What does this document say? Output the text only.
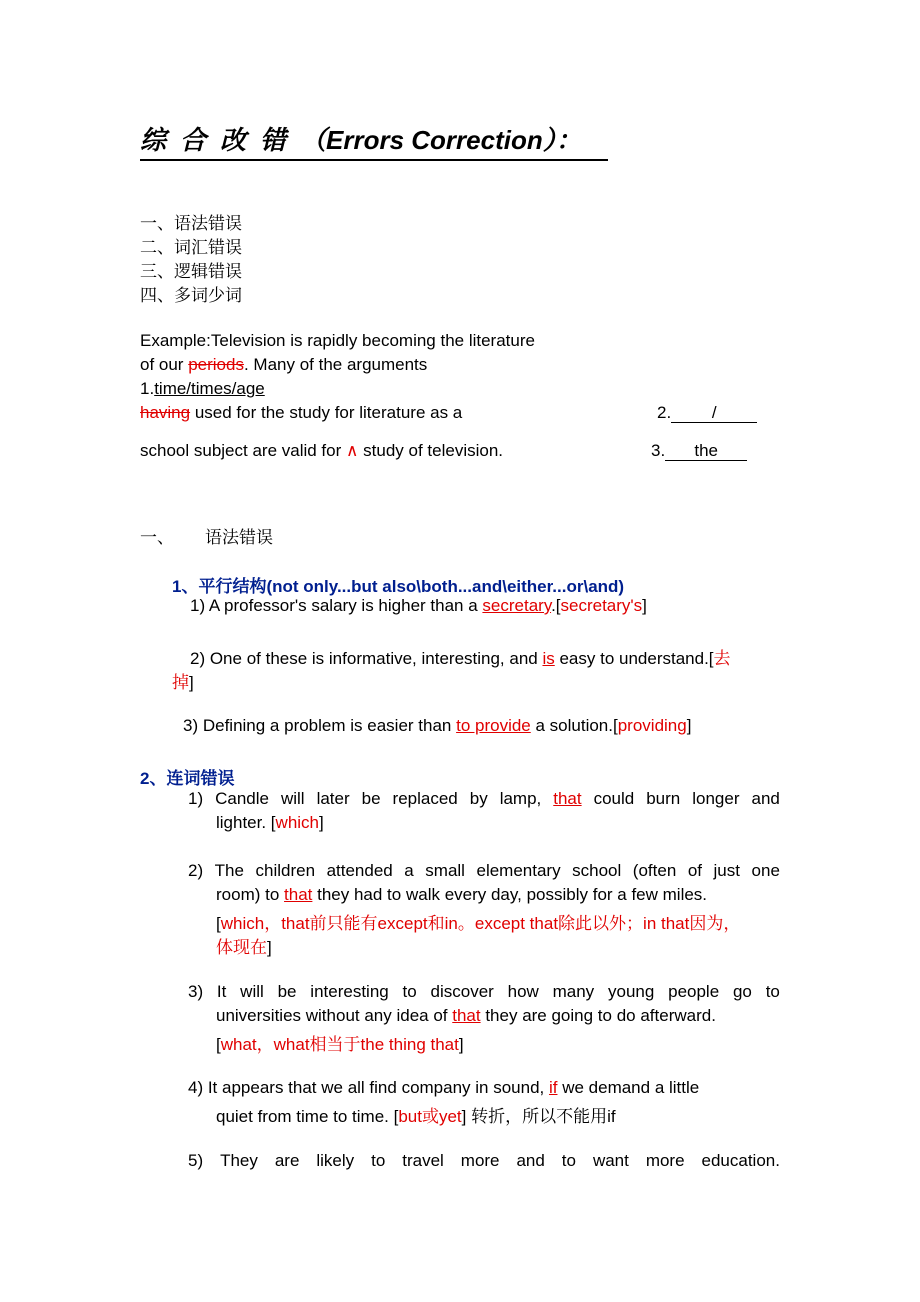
综合改错（Errors Correction）：
一、语法错误
二、词汇错误
三、逻辑错误
四、多词少词
Example:Television is rapidly becoming the literature
of our periods. Many of the arguments
1.time/times/age
having used for the study for literature as a	2. /
school subject are valid for ∧ study of television.	3. the
一、 语法错误
1、平行结构(not only...but also\both...and\either...or\and)
1) A professor's salary is higher than a secretary.[secretary's]
2) One of these is informative, interesting, and is easy to understand.[去
掉]
3) Defining a problem is easier than to provide a solution.[providing]
2、连词错误
1) Candle will later be replaced by lamp, that could burn longer and
lighter. [which]
2) The children attended a small elementary school (often of just one
room) to that they had to walk every day, possibly for a few miles.
[which，that前只能有except和in。except that除此以外；in that因为，
体现在]
3) It will be interesting to discover how many young people go to
universities without any idea of that they are going to do afterward.
[what，what相当于the thing that]
4) It appears that we all find company in sound, if we demand a little
quiet from time to time. [but或yet] 转折，所以不能用if
5) They are likely to travel more and to want more education.
